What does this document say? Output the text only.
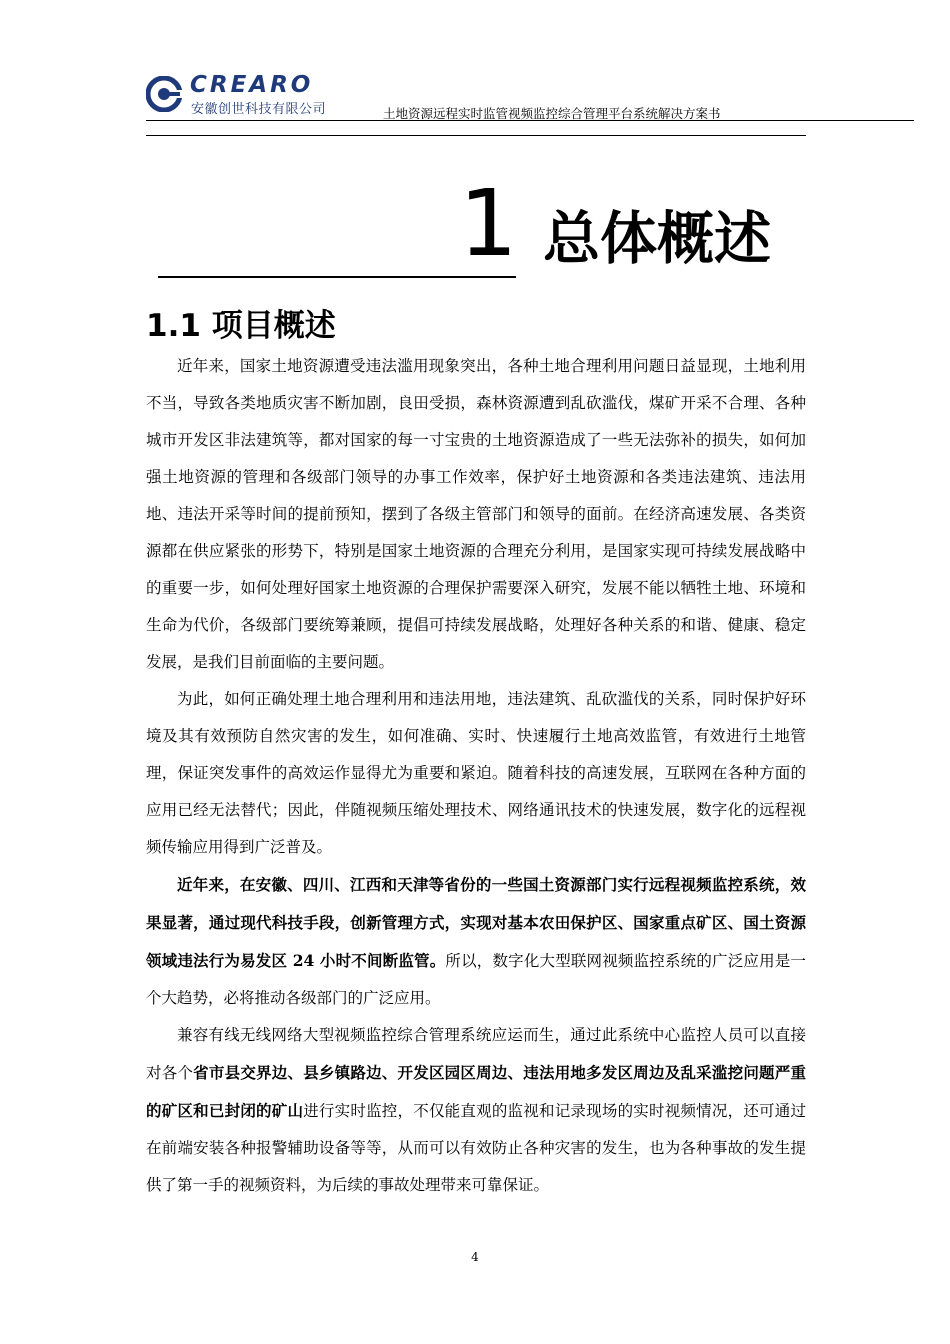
CREARO
安徽创世科技有限公司	土地资源远程实时监管视频监控综合管理平台系统解决方案书
1 总体概述
1.1 项目概述

近年来，国家土地资源遭受违法滥用现象突出，各种土地合理利用问题日益显现，土地利用不当，导致各类地质灾害不断加剧，良田受损，森林资源遭到乱砍滥伐，煤矿开采不合理、各种城市开发区非法建筑等，都对国家的每一寸宝贵的土地资源造成了一些无法弥补的损失，如何加强土地资源的管理和各级部门领导的办事工作效率，保护好土地资源和各类违法建筑、违法用地、违法开采等时间的提前预知，摆到了各级主管部门和领导的面前。在经济高速发展、各类资源都在供应紧张的形势下，特别是国家土地资源的合理充分利用，是国家实现可持续发展战略中的重要一步，如何处理好国家土地资源的合理保护需要深入研究，发展不能以牺牲土地、环境和生命为代价，各级部门要统筹兼顾，提倡可持续发展战略，处理好各种关系的和谐、健康、稳定发展，是我们目前面临的主要问题。

为此，如何正确处理土地合理利用和违法用地，违法建筑、乱砍滥伐的关系，同时保护好环境及其有效预防自然灾害的发生，如何准确、实时、快速履行土地高效监管，有效进行土地管理，保证突发事件的高效运作显得尤为重要和紧迫。随着科技的高速发展，互联网在各种方面的应用已经无法替代；因此，伴随视频压缩处理技术、网络通讯技术的快速发展，数字化的远程视频传输应用得到广泛普及。

近年来，在安徽、四川、江西和天津等省份的一些国土资源部门实行远程视频监控系统，效果显著，通过现代科技手段，创新管理方式，实现对基本农田保护区、国家重点矿区、国土资源领域违法行为易发区 24 小时不间断监管。所以，数字化大型联网视频监控系统的广泛应用是一个大趋势，必将推动各级部门的广泛应用。

兼容有线无线网络大型视频监控综合管理系统应运而生，通过此系统中心监控人员可以直接对各个省市县交界边、县乡镇路边、开发区园区周边、违法用地多发区周边及乱采滥挖问题严重的矿区和已封闭的矿山进行实时监控，不仅能直观的监视和记录现场的实时视频情况，还可通过在前端安装各种报警辅助设备等等，从而可以有效防止各种灾害的发生，也为各种事故的发生提供了第一手的视频资料，为后续的事故处理带来可靠保证。

4
